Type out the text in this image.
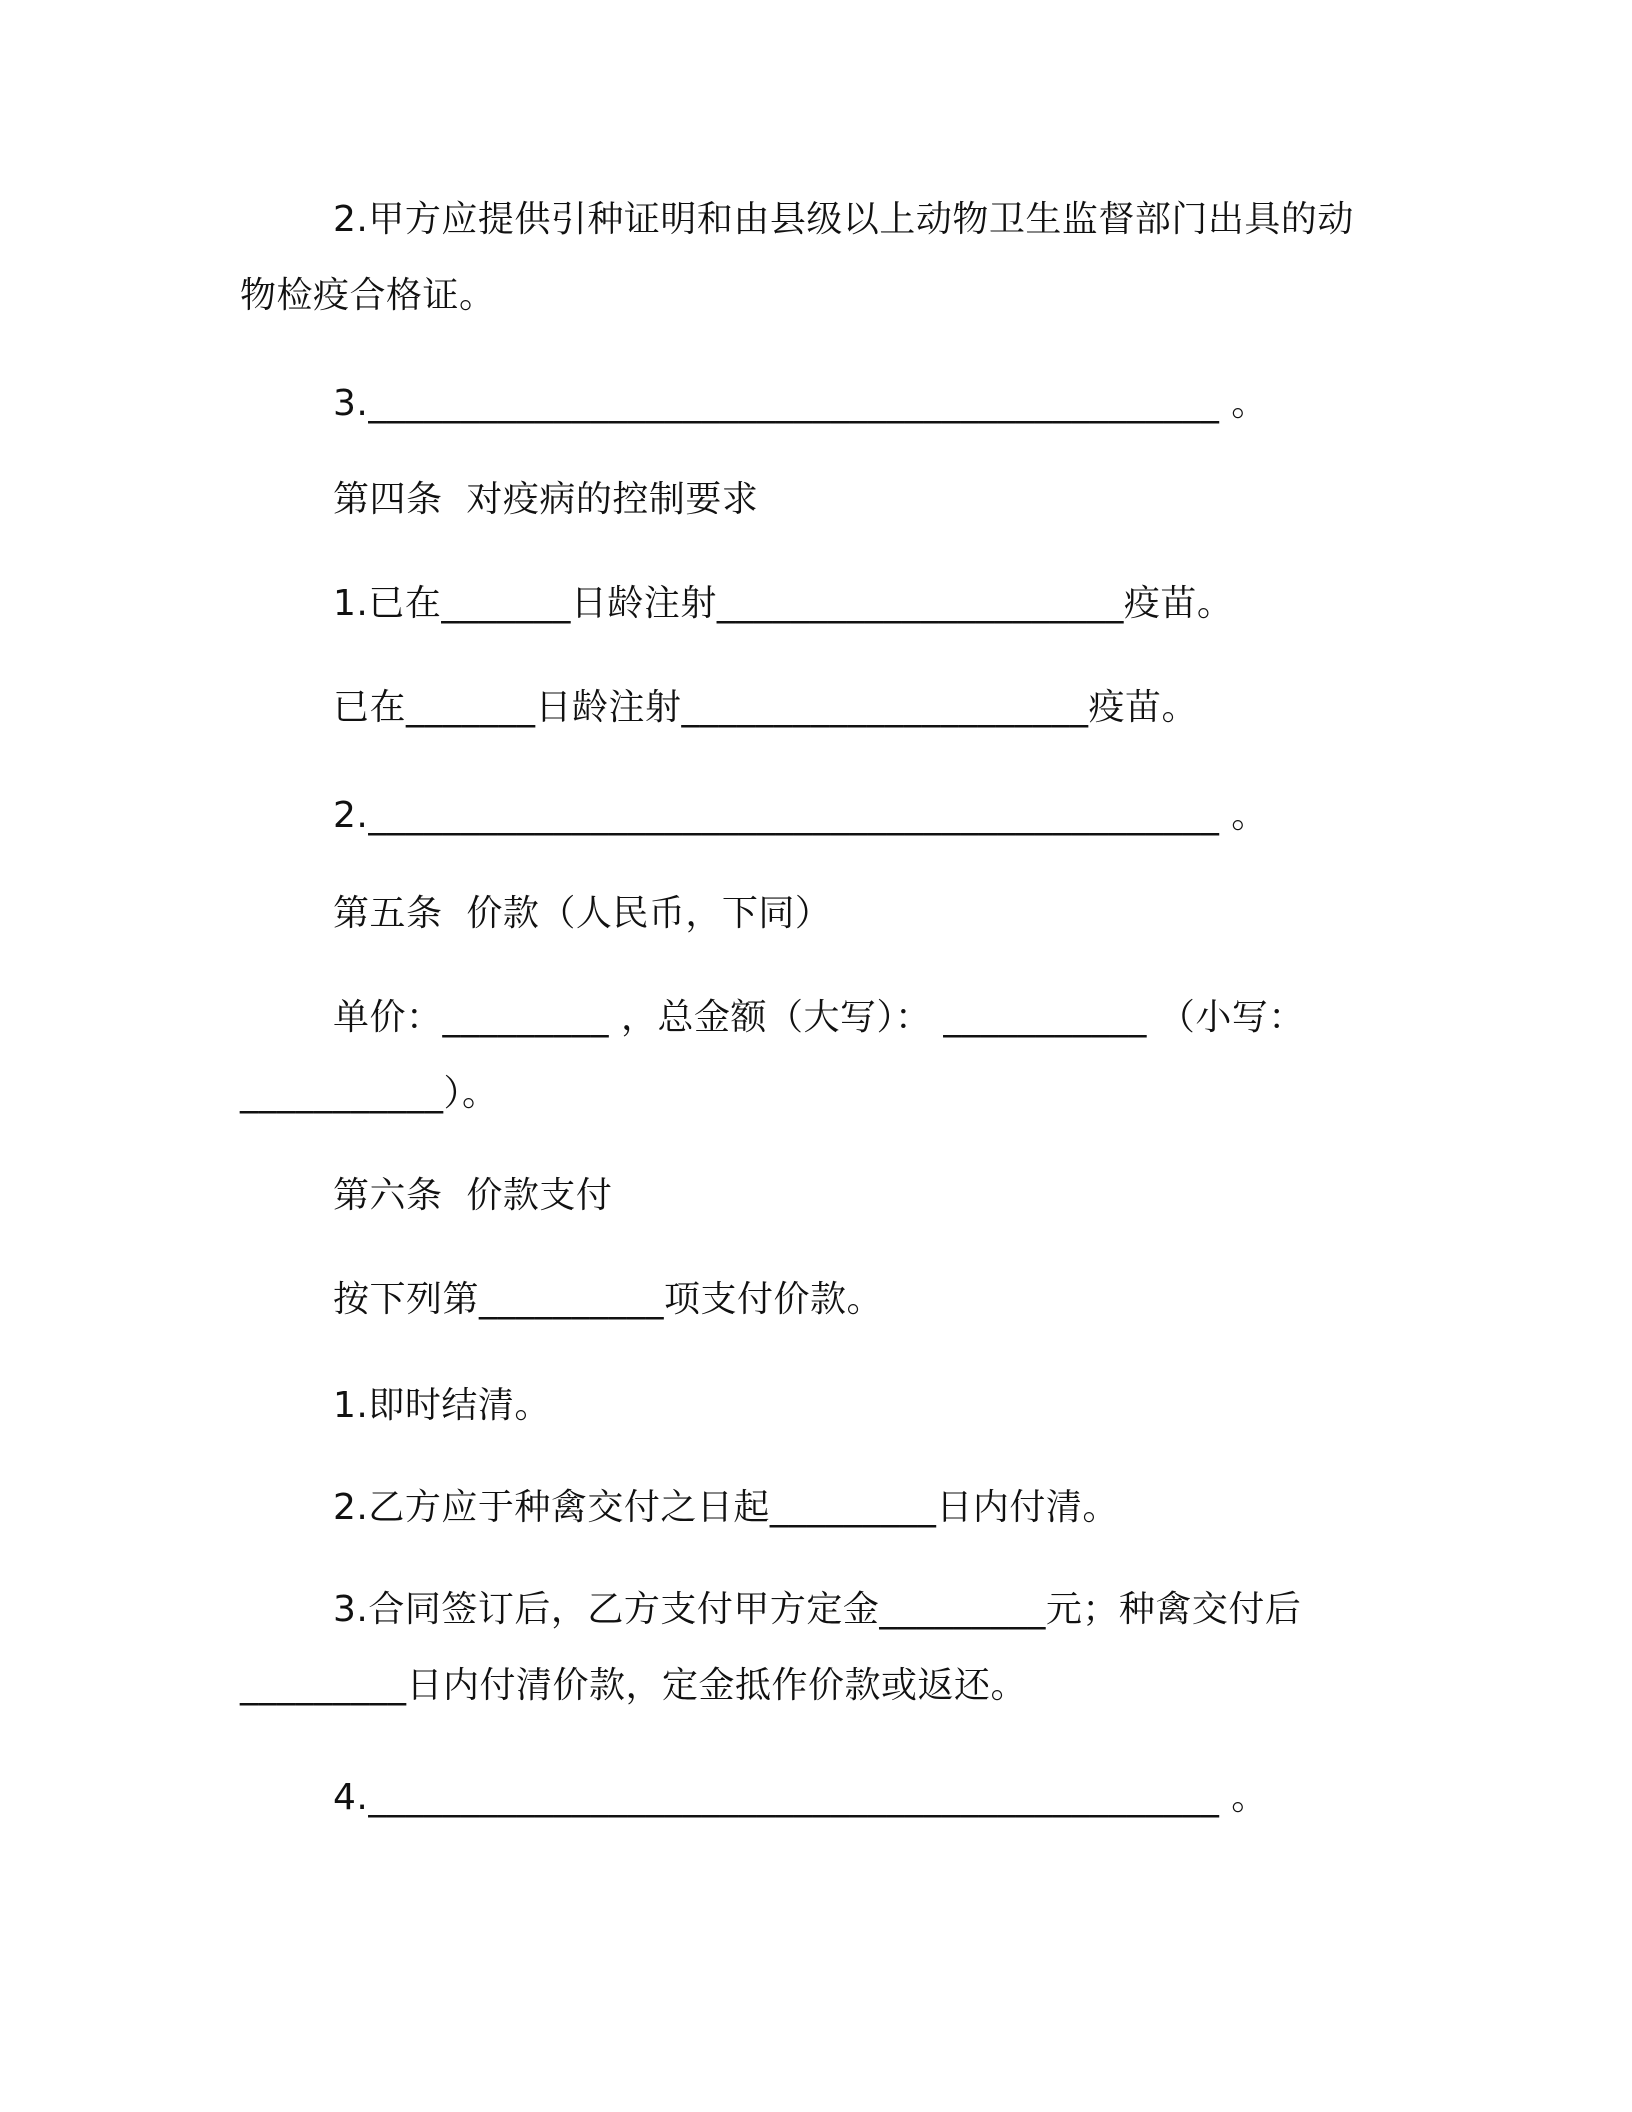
2.甲方应提供引种证明和由县级以上动物卫生监督部门出具的动
物检疫合格证。
3.______________________________________________ 。
第四条  对疫病的控制要求
1.已在_______日龄注射______________________疫苗。
已在_______日龄注射______________________疫苗。
2.______________________________________________ 。
第五条  价款（人民币，下同）
单价：_________ ，总金额（大写）： ___________ （小写：
___________）。
第六条  价款支付
按下列第__________项支付价款。
1.即时结清。
2.乙方应于种禽交付之日起_________日内付清。
3.合同签订后，乙方支付甲方定金_________元；种禽交付后
_________日内付清价款，定金抵作价款或返还。
4.______________________________________________ 。
